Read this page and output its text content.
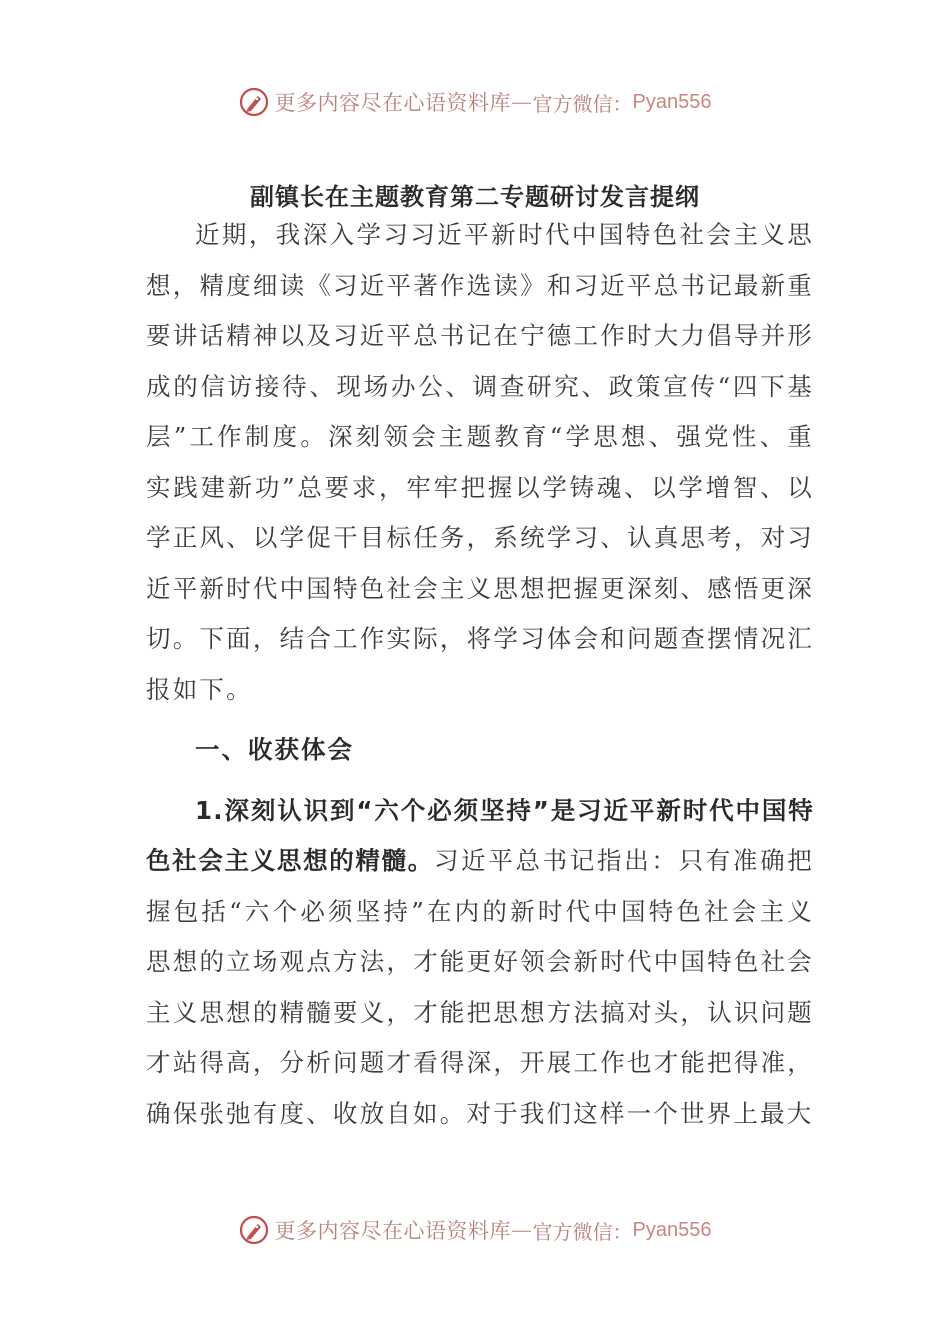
更多内容尽在心语资料库 — 官方微信： Pyan556
副镇长在主题教育第二专题研讨发言提纲

近期，我深入学习习近平新时代中国特色社会主义思想，精度细读《习近平著作选读》和习近平总书记最新重要讲话精神以及习近平总书记在宁德工作时大力倡导并形成的信访接待、现场办公、调查研究、政策宣传“四下基层”工作制度。深刻领会主题教育“学思想、强党性、重实践建新功”总要求，牢牢把握以学铸魂、以学增智、以学正风、以学促干目标任务，系统学习、认真思考，对习近平新时代中国特色社会主义思想把握更深刻、感悟更深切。下面，结合工作实际，将学习体会和问题查摆情况汇报如下。

一、收获体会

1.深刻认识到“六个必须坚持”是习近平新时代中国特色社会主义思想的精髓。习近平总书记指出：只有准确把握包括“六个必须坚持”在内的新时代中国特色社会主义思想的立场观点方法，才能更好领会新时代中国特色社会主义思想的精髓要义，才能把思想方法搞对头，认识问题才站得高，分析问题才看得深，开展工作也才能把得准，确保张弛有度、收放自如。对于我们这样一个世界上最大

更多内容尽在心语资料库 — 官方微信： Pyan556
